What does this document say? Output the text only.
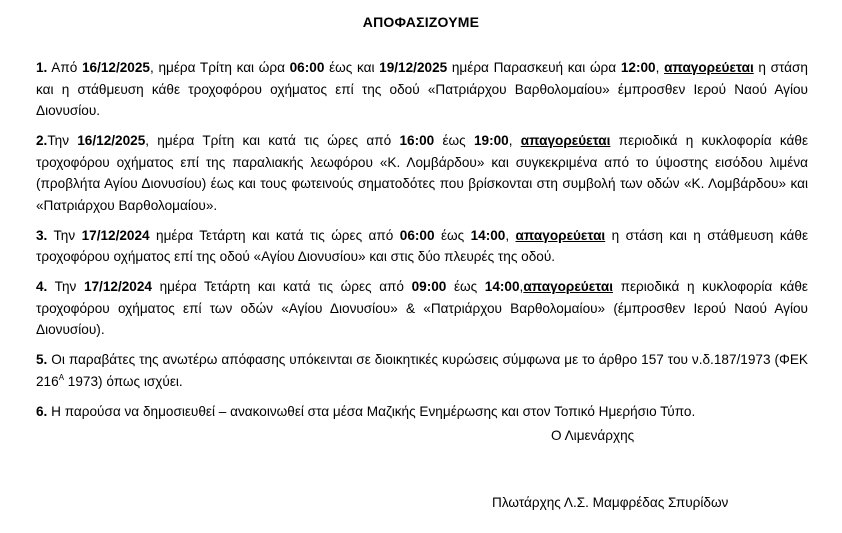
ΑΠΟΦΑΣΙΖΟΥΜΕ

1. Από 16/12/2025, ημέρα Τρίτη και ώρα 06:00 έως και 19/12/2025 ημέρα Παρασκευή και ώρα 12:00, απαγορεύεται η στάση και η στάθμευση κάθε τροχοφόρου οχήματος επί της οδού «Πατριάρχου Βαρθολομαίου» έμπροσθεν Ιερού Ναού Αγίου Διονυσίου.

2.Την 16/12/2025, ημέρα Τρίτη και κατά τις ώρες από 16:00 έως 19:00, απαγορεύεται περιοδικά η κυκλοφορία κάθε τροχοφόρου οχήματος επί της παραλιακής λεωφόρου «Κ. Λομβάρδου» και συγκεκριμένα από το ύψοστης εισόδου λιμένα (προβλήτα Αγίου Διονυσίου) έως και τους φωτεινούς σηματοδότες που βρίσκονται στη συμβολή των οδών «Κ. Λομβάρδου» και «Πατριάρχου Βαρθολομαίου».

3. Την 17/12/2024 ημέρα Τετάρτη και κατά τις ώρες από 06:00 έως 14:00, απαγορεύεται η στάση και η στάθμευση κάθε τροχοφόρου οχήματος επί της οδού «Αγίου Διονυσίου» και στις δύο πλευρές της οδού.

4. Την 17/12/2024 ημέρα Τετάρτη και κατά τις ώρες από 09:00 έως 14:00,απαγορεύεται περιοδικά η κυκλοφορία κάθε τροχοφόρου οχήματος επί των οδών «Αγίου Διονυσίου» & «Πατριάρχου Βαρθολομαίου» (έμπροσθεν Ιερού Ναού Αγίου Διονυσίου).

5. Οι παραβάτες της ανωτέρω απόφασης υπόκεινται σε διοικητικές κυρώσεις σύμφωνα με το άρθρο 157 του ν.δ.187/1973 (ΦΕΚ $216^A$ 1973) όπως ισχύει.

6. Η παρούσα να δημοσιευθεί – ανακοινωθεί στα μέσα Μαζικής Ενημέρωσης και στον Τοπικό Ημερήσιο Τύπο.

Ο Λιμενάρχης
Πλωτάρχης Λ.Σ. Μαμφρέδας Σπυρίδων
